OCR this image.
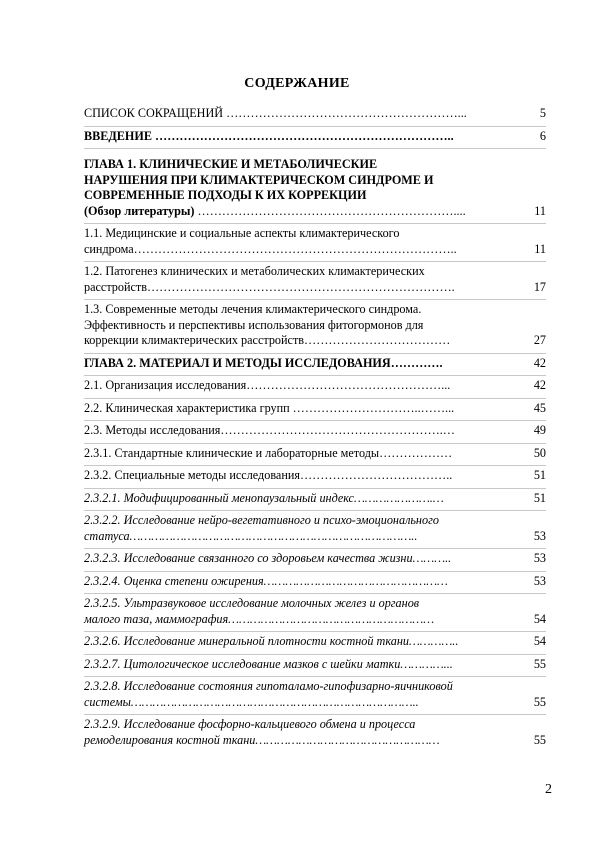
СОДЕРЖАНИЕ
СПИСОК СОКРАЩЕНИЙ …………………………………………………...	5
ВВЕДЕНИЕ ………………………………………………………………..	6

ГЛАВА 1. КЛИНИЧЕСКИЕ И МЕТАБОЛИЧЕСКИЕ
НАРУШЕНИЯ ПРИ КЛИМАКТЕРИЧЕСКОМ СИНДРОМЕ И
СОВРЕМЕННЫЕ ПОДХОДЫ К ИХ КОРРЕКЦИИ
(Обзор литературы) ………………………………………………………....	11

1.1. Медицинские и социальные аспекты климактерического
синдрома……………………………………………………………………..	11

1.2. Патогенез клинических и метаболических климактерических
расстройств………………………………………………………………….	17

1.3. Современные методы лечения климактерического синдрома.
Эффективность и перспективы использования фитогормонов для
коррекции климактерических расстройств………………………………	27
ГЛАВА 2. МАТЕРИАЛ И МЕТОДЫ ИССЛЕДОВАНИЯ………….	42
2.1. Организация исследования…………………………………………...	42
2.2. Клиническая характеристика групп …………………………..……...	45
2.3. Методы исследования……………………………………………….…	49
2.3.1. Стандартные клинические и лабораторные методы………………	50
2.3.2. Специальные методы исследования………………………………..	51
2.3.2.1. Модифицированный менопаузальный индекс………………….…	51

2.3.2.2. Исследование нейро-вегетативного и психо-эмоционального
статуса……………………………………………………………………..	53
2.3.2.3. Исследование связанного со здоровьем качества жизни………..	53
2.3.2.4. Оценка степени ожирения……………………………………………	53

2.3.2.5. Ультразвуковое исследование молочных желез и органов
малого таза, маммография…………………………………………………	54
2.3.2.6. Исследование минеральной плотности костной ткани…………..	54
2.3.2.7. Цитологическое исследование мазков с шейки матки…………...	55

2.3.2.8. Исследование состояния гипоталамо-гипофизарно-яичниковой
системы……………………………………………………………………..	55

2.3.2.9. Исследование фосфорно-кальциевого обмена и процесса
ремоделирования костной ткани……………………………………………	55
2
